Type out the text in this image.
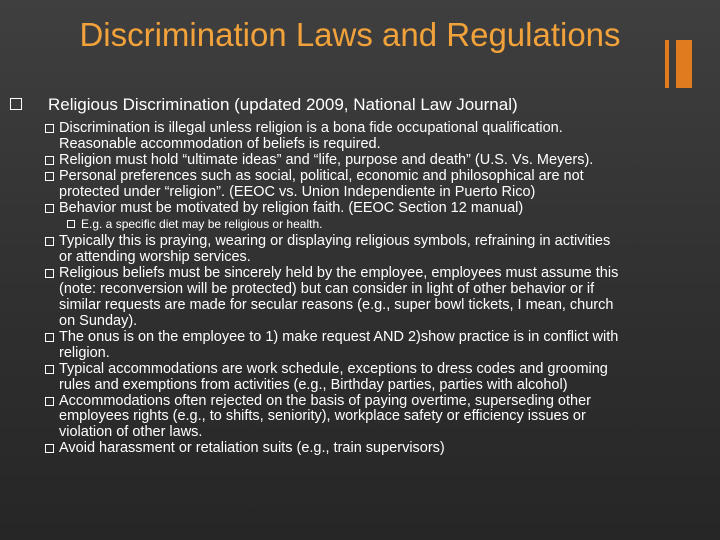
Discrimination Laws and Regulations
Religious Discrimination (updated 2009, National Law Journal)
Discrimination is illegal unless religion is a bona fide occupational qualification.
Reasonable accommodation of beliefs is required.
Religion must hold “ultimate ideas” and “life, purpose and death” (U.S. Vs. Meyers).
Personal preferences such as social, political, economic and philosophical are not
protected under “religion”. (EEOC vs. Union Independiente in Puerto Rico)
Behavior must be motivated by religion faith. (EEOC Section 12 manual)
E.g. a specific diet may be religious or health.
Typically this is praying, wearing or displaying religious symbols, refraining in activities
or attending worship services.
Religious beliefs must be sincerely held by the employee, employees must assume this
(note: reconversion will be protected) but can consider in light of other behavior or if
similar requests are made for secular reasons (e.g., super bowl tickets, I mean, church
on Sunday).
The onus is on the employee to 1) make request AND 2)show practice is in conflict with
religion.
Typical accommodations are work schedule, exceptions to dress codes and grooming
rules and exemptions from activities (e.g., Birthday parties, parties with alcohol)
Accommodations often rejected on the basis of paying overtime, superseding other
employees rights (e.g., to shifts, seniority), workplace safety or efficiency issues or
violation of other laws.
Avoid harassment or retaliation suits (e.g., train supervisors)
